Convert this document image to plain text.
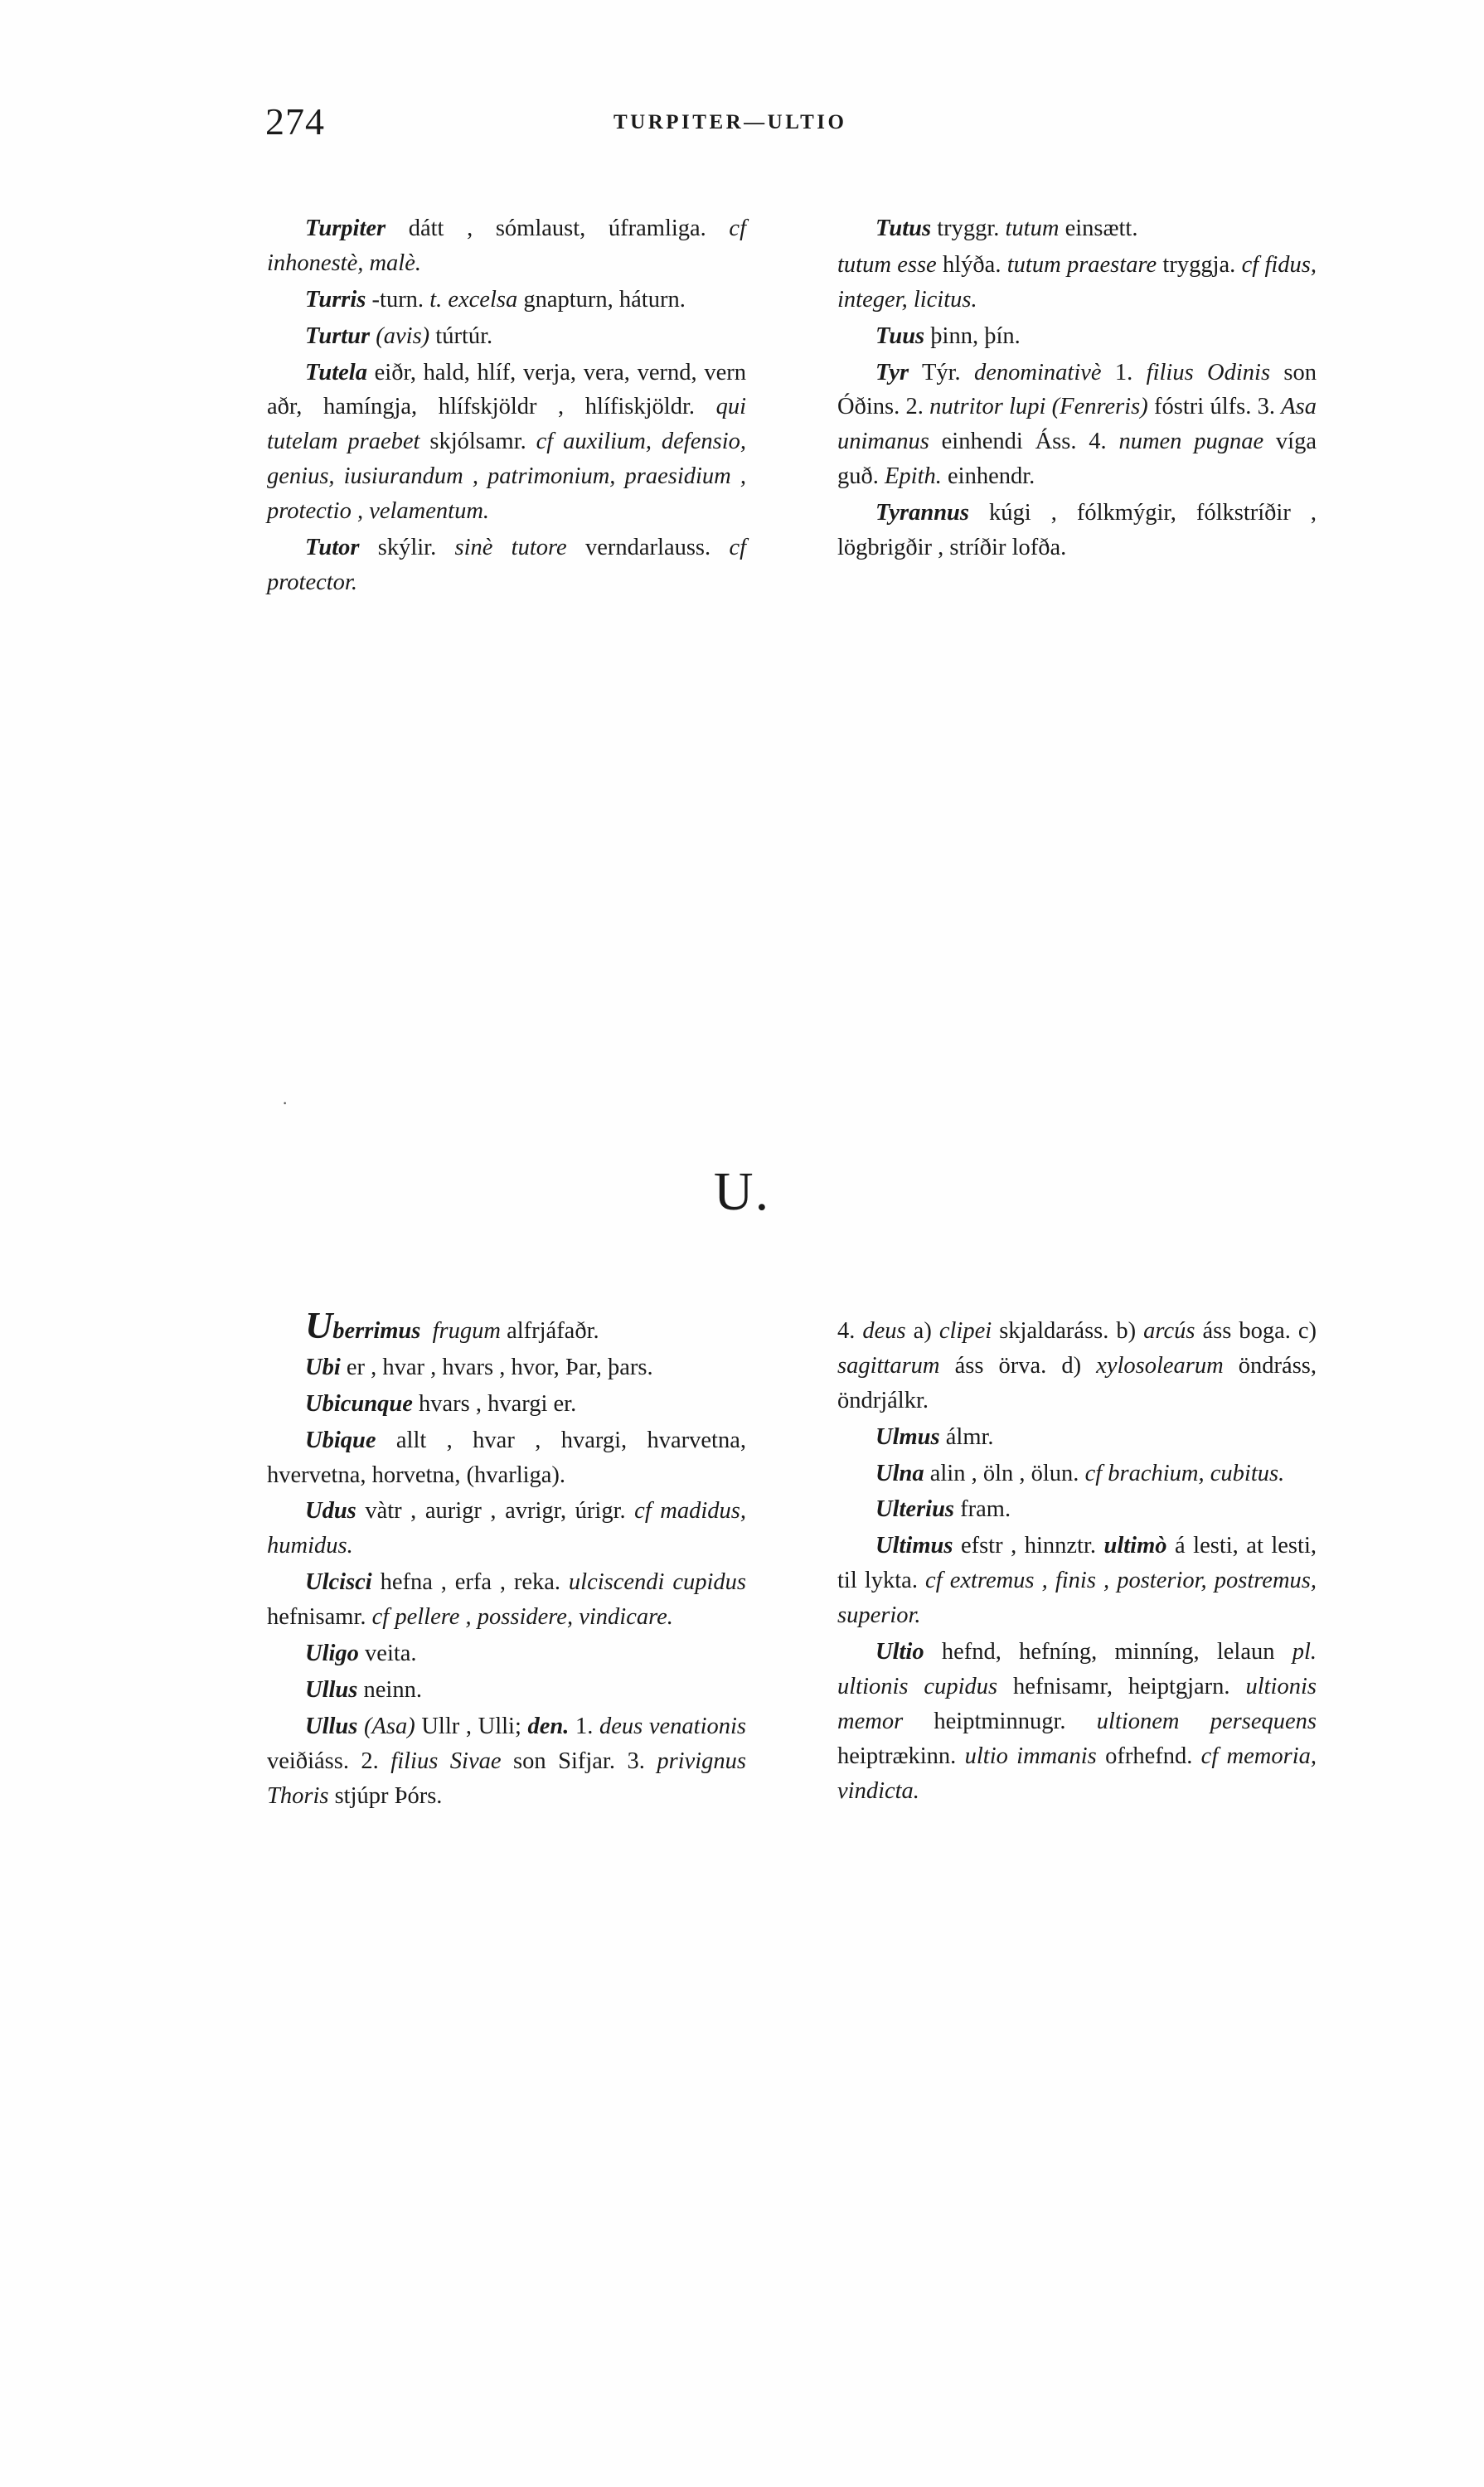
274	TURPITER—ULTIO

Turpiter dátt , sómlaust, úframliga. cf inhonestè, malè.

Turris -turn. t. excelsa gnapturn, háturn.

Turtur (avis) túrtúr.

Tutela eiðr, hald, hlíf, verja, vera, vernd, vern aðr, hamíngja, hlífskjöldr , hlífiskjöldr. qui tutelam praebet skjólsamr. cf auxilium, defensio, genius, iusiurandum , patrimonium, praesidium , protectio , velamentum.

Tutor skýlir. sinè tutore verndarlauss. cf protector.

Tutus tryggr. tutum einsætt.

tutum esse hlýða. tutum praestare tryggja. cf fidus, integer, licitus.

Tuus þinn, þín.

Tyr Týr. denominativè 1. filius Odinis son Óðins. 2. nutritor lupi (Fenreris) fóstri úlfs. 3. Asa unimanus einhendi Áss. 4. numen pugnae víga guð. Epith. einhendr.

Tyrannus kúgi , fólkmýgir, fólkstríðir , lögbrigðir , stríðir lofða.

U.
·

Uberrimus frugum alfrjáfaðr.

Ubi er , hvar , hvars , hvor, Þar, þars.

Ubicunque hvars , hvargi er.

Ubique allt , hvar , hvargi, hvarvetna, hvervetna, horvetna, (hvarliga).

Udus vàtr , aurigr , avrigr, úrigr. cf madidus, humidus.

Ulcisci hefna , erfa , reka. ulciscendi cupidus hefnisamr. cf pellere , possidere, vindicare.

Uligo veita.

Ullus neinn.

Ullus (Asa) Ullr , Ulli; den. 1. deus venationis veiðiáss. 2. filius Sivae son Sifjar. 3. privignus Thoris stjúpr Þórs.

4. deus a) clipei skjaldaráss. b) arcús áss boga. c) sagittarum áss örva. d) xylosolearum öndráss, öndrjálkr.

Ulmus álmr.

Ulna alin , öln , ölun. cf brachium, cubitus.

Ulterius fram.

Ultimus efstr , hinnztr. ultimò á lesti, at lesti, til lykta. cf extremus , finis , posterior, postremus, superior.

Ultio hefnd, hefníng, minníng, lelaun pl. ultionis cupidus hefnisamr, heiptgjarn. ultionis memor heiptminnugr. ultionem persequens heiptrækinn. ultio immanis ofrhefnd. cf memoria, vindicta.
